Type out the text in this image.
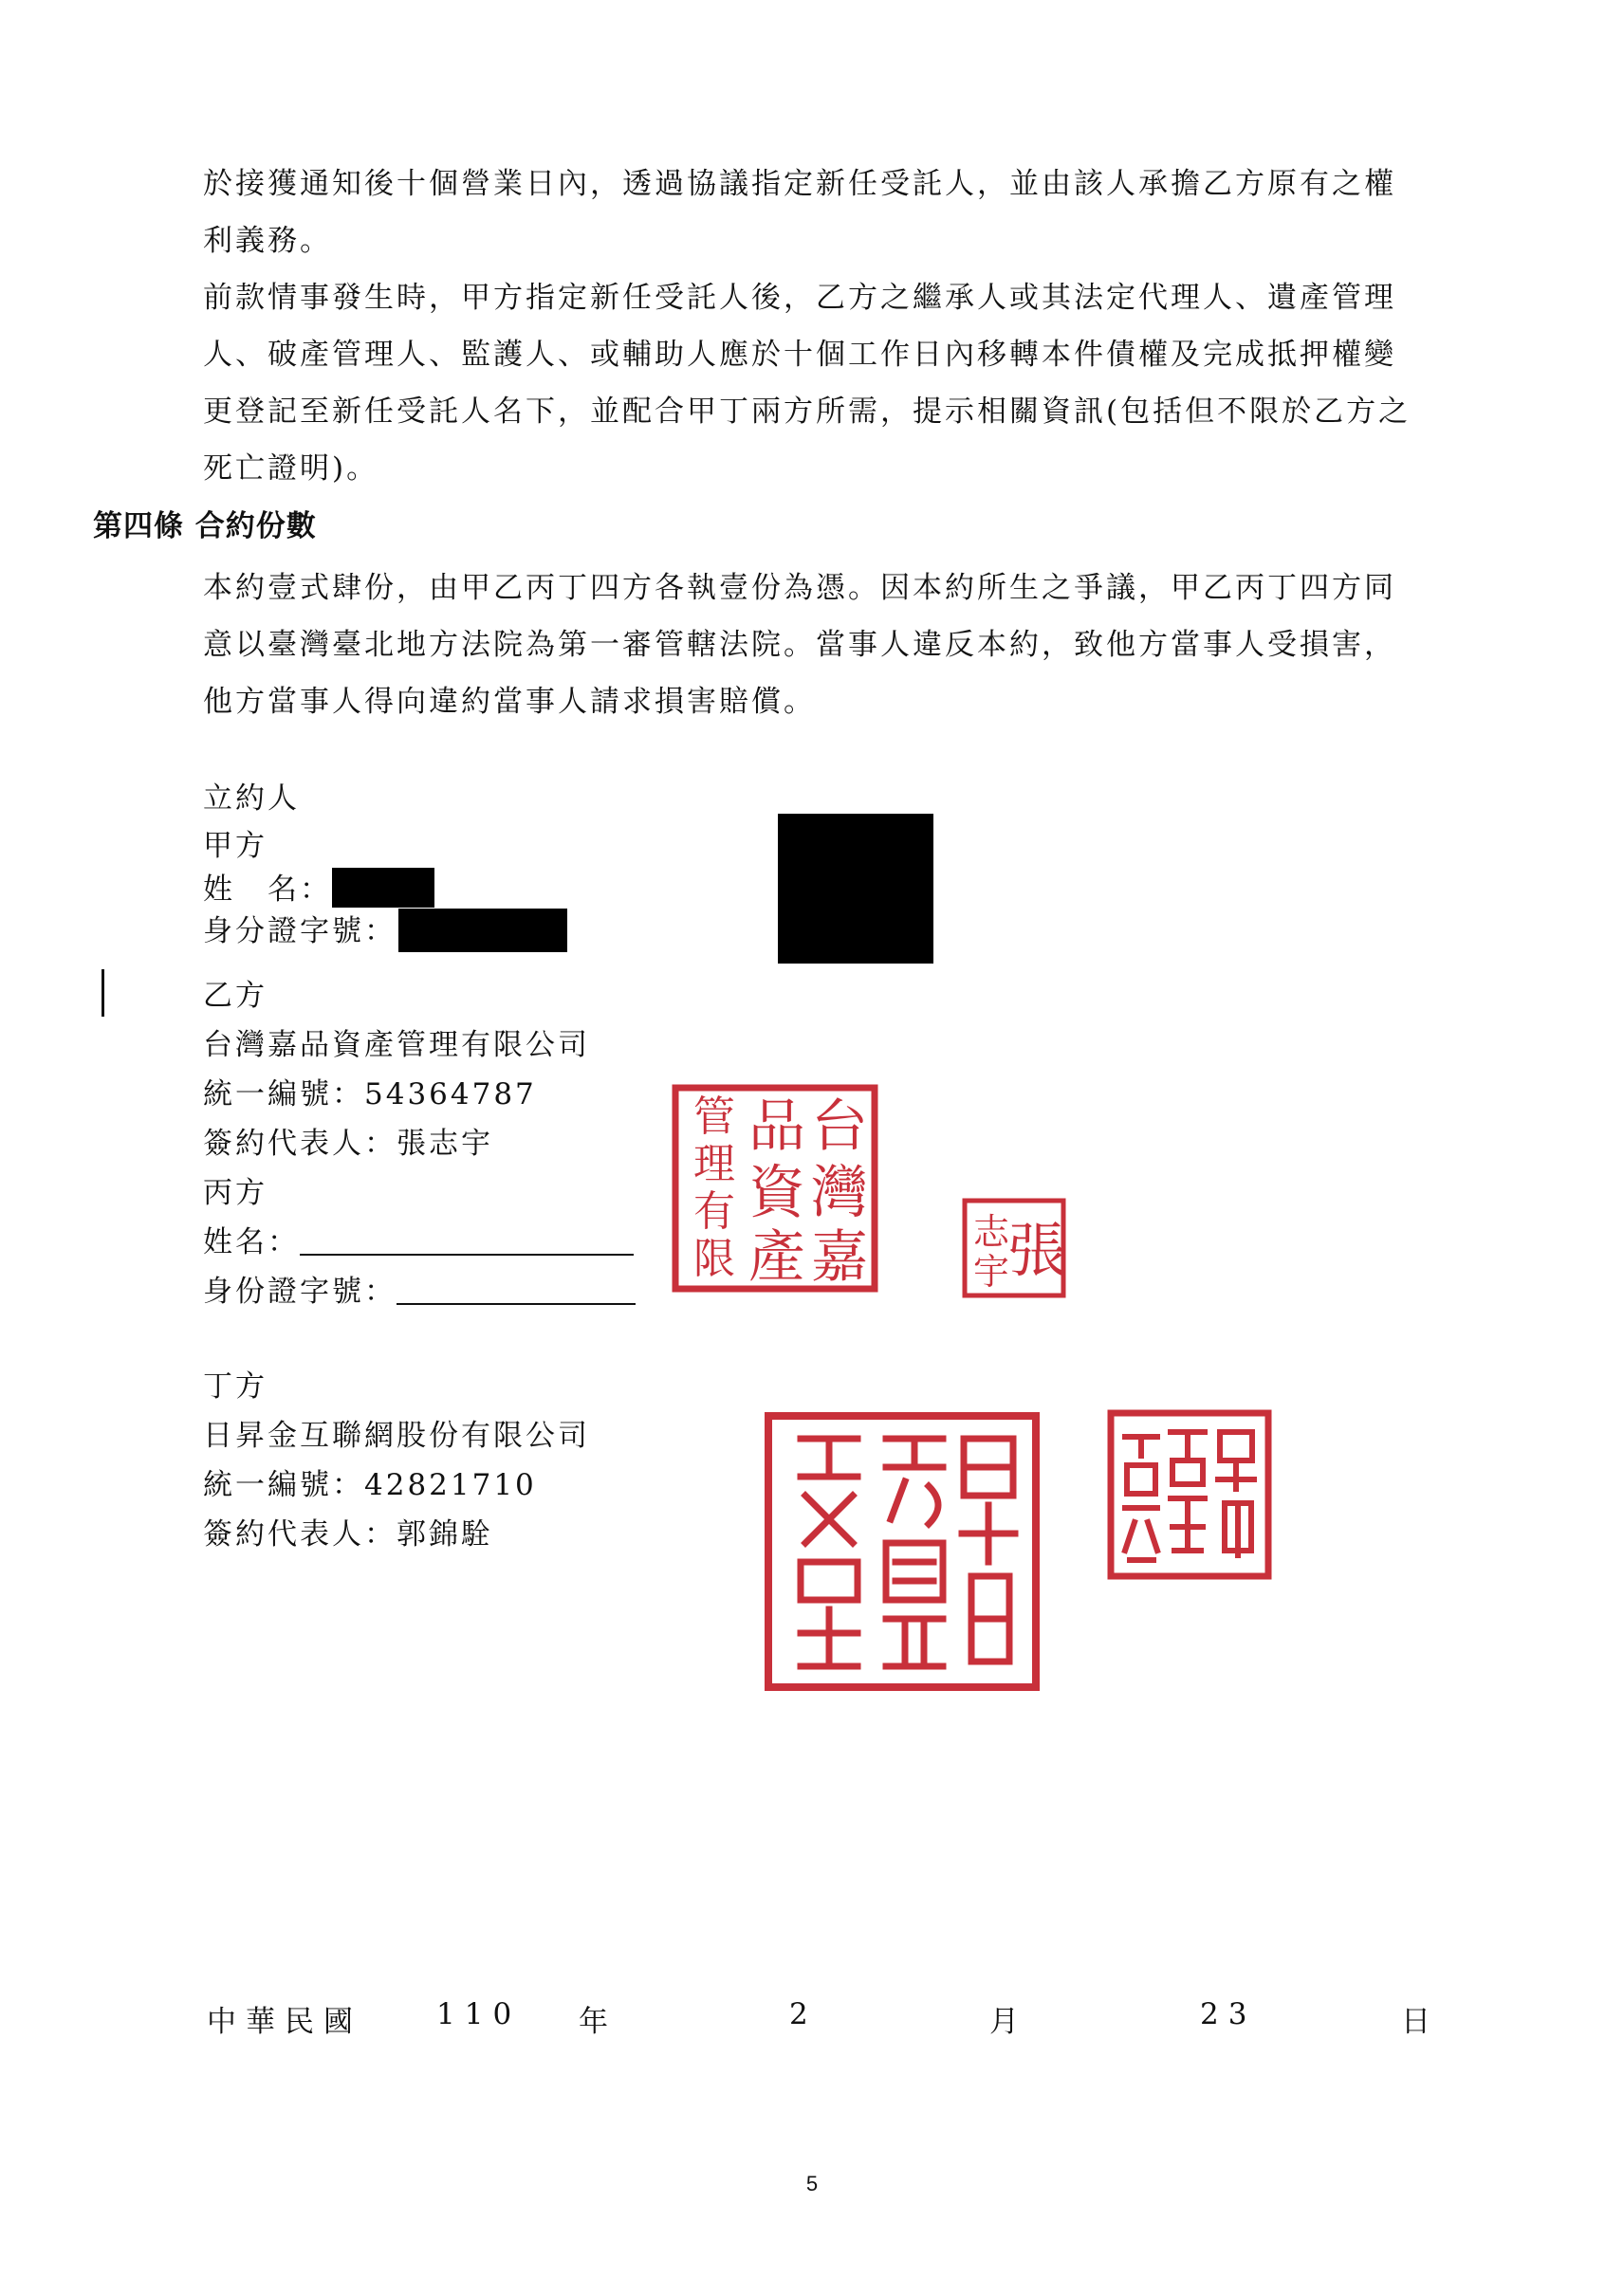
於接獲通知後十個營業日內，透過協議指定新任受託人，並由該人承擔乙方原有之權
利義務。
前款情事發生時，甲方指定新任受託人後，乙方之繼承人或其法定代理人、遺產管理
人、破產管理人、監護人、或輔助人應於十個工作日內移轉本件債權及完成抵押權變
更登記至新任受託人名下，並配合甲丁兩方所需，提示相關資訊(包括但不限於乙方之
死亡證明)。
第四條 合約份數
本約壹式肆份，由甲乙丙丁四方各執壹份為憑。因本約所生之爭議，甲乙丙丁四方同
意以臺灣臺北地方法院為第一審管轄法院。當事人違反本約，致他方當事人受損害，
他方當事人得向違約當事人請求損害賠償。
立約人
甲方
姓　名：
身分證字號：
乙方
台灣嘉品資產管理有限公司
統一編號：54364787
簽約代表人：張志宇	台
灣
嘉
品
資
產
管
理
有
限	張
志
宇
丙方
姓名：
身份證字號：
丁方
日昇金互聯網股份有限公司
統一編號：42821710
簽約代表人：郭錦駩
中華民國	110 年	2	月	23	日
5
